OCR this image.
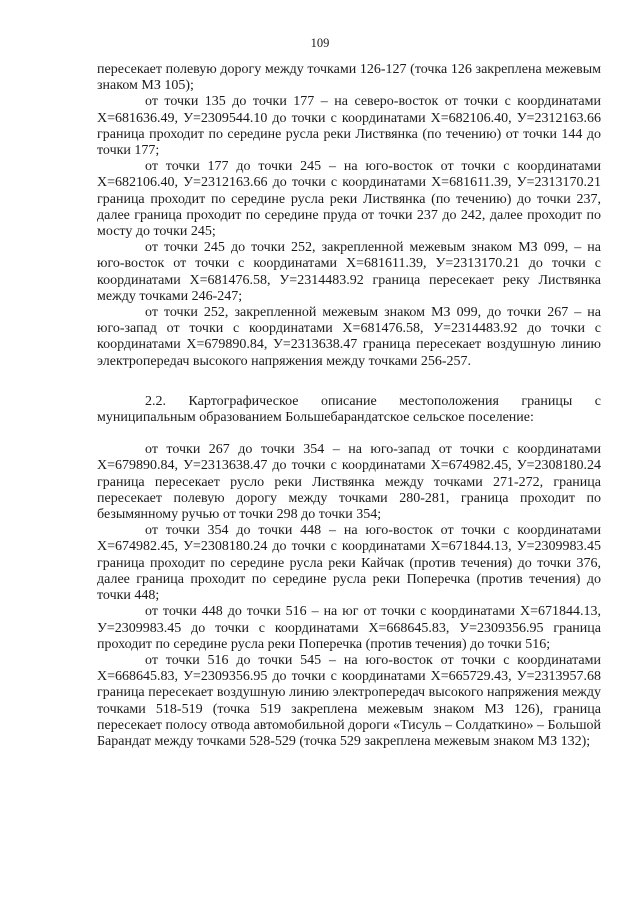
109

пересекает полевую дорогу между точками 126-127 (точка 126 закреплена межевым знаком МЗ 105);

от точки 135 до точки 177 – на северо-восток от точки с координатами Х=681636.49, У=2309544.10 до точки с координатами Х=682106.40, У=2312163.66 граница проходит по середине русла реки Листвянка (по течению) от точки 144 до точки 177;

от точки 177 до точки 245 – на юго-восток от точки с координатами Х=682106.40, У=2312163.66 до точки с координатами Х=681611.39, У=2313170.21 граница проходит по середине русла реки Листвянка (по течению) до точки 237, далее граница проходит по середине пруда от точки 237 до 242, далее проходит по мосту до точки 245;

от точки 245 до точки 252, закрепленной межевым знаком МЗ 099, – на юго-восток от точки с координатами Х=681611.39, У=2313170.21 до точки с координатами Х=681476.58, У=2314483.92 граница пересекает реку Листвянка между точками 246-247;

от точки 252, закрепленной межевым знаком МЗ 099, до точки 267 – на юго-запад от точки с координатами Х=681476.58, У=2314483.92 до точки с координатами Х=679890.84, У=2313638.47 граница пересекает воздушную линию электропередач высокого напряжения между точками 256-257.

2.2. Картографическое описание местоположения границы с муниципальным образованием Большебарандатское сельское поселение:

от точки 267 до точки 354 – на юго-запад от точки с координатами Х=679890.84, У=2313638.47 до точки с координатами Х=674982.45, У=2308180.24 граница пересекает русло реки Листвянка между точками 271-272, граница пересекает полевую дорогу между точками 280-281, граница проходит по безымянному ручью от точки 298 до точки 354;

от точки 354 до точки 448 – на юго-восток от точки с координатами Х=674982.45, У=2308180.24 до точки с координатами Х=671844.13, У=2309983.45 граница проходит по середине русла реки Кайчак (против течения) до точки 376, далее граница проходит по середине русла реки Поперечка (против течения) до точки 448;

от точки 448 до точки 516 – на юг от точки с координатами Х=671844.13, У=2309983.45 до точки с координатами Х=668645.83, У=2309356.95 граница проходит по середине русла реки Поперечка (против течения) до точки 516;

от точки 516 до точки 545 – на юго-восток от точки с координатами Х=668645.83, У=2309356.95 до точки с координатами Х=665729.43, У=2313957.68 граница пересекает воздушную линию электропередач высокого напряжения между точками 518-519 (точка 519 закреплена межевым знаком МЗ 126), граница пересекает полосу отвода автомобильной дороги «Тисуль – Солдаткино» – Большой Барандат между точками 528-529 (точка 529 закреплена межевым знаком МЗ 132);
